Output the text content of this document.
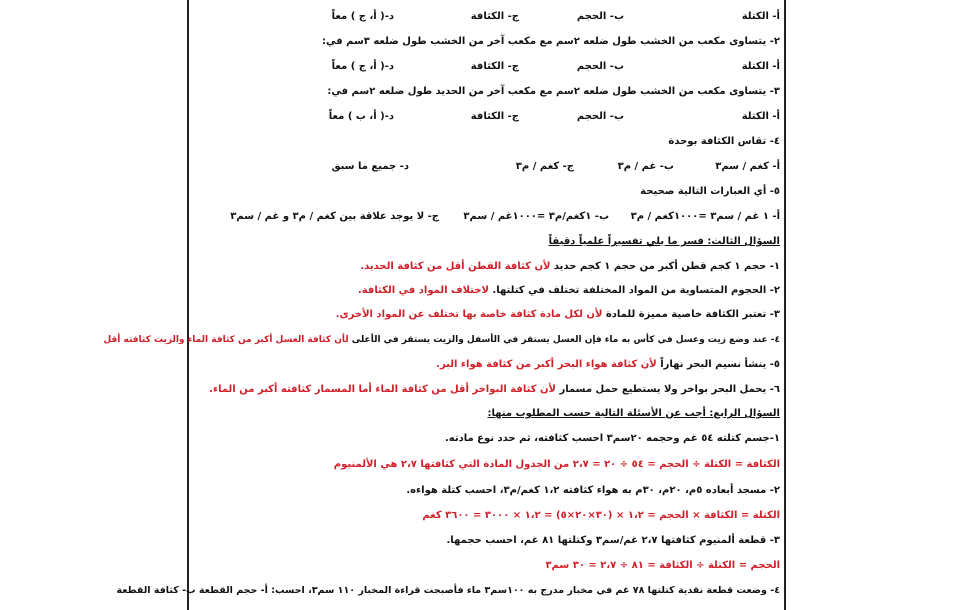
أ- الكتلة
ب- الحجم
ج- الكثافة
د-( أ، ج ) معاً
٢- يتساوى مكعب من الخشب طول ضلعه ٢سم مع مكعب آخر من الخشب طول ضلعه ٣سم في:
أ- الكتلة
ب- الحجم
ج- الكثافة
د-( أ، ج ) معاً
٣- يتساوى مكعب من الخشب طول ضلعه ٢سم مع مكعب آخر من الحديد طول ضلعه ٢سم في:
أ- الكتلة
ب- الحجم
ج- الكثافة
د-( أ، ب ) معاً
٤- تقاس الكثافة بوحدة
أ- كغم / سم٣
ب- غم / م٣
ج- كغم / م٣
د- جميع ما سبق
٥- أي العبارات التالية صحيحة
أ- ١ غم / سم٣ =١٠٠٠كغم / م٣
ب- ١كغم/م٣ =١٠٠٠غم / سم٣
ج- لا يوجد علاقة بين كغم / م٣ و غم / سم٣
السؤال الثالث: فسر ما يلي تفسيراً علمياً دقيقاً
١- حجم ١ كجم قطن أكبر من حجم ١ كجم حديد لأن كثافة القطن أقل من كثافة الحديد.
٢- الحجوم المتساوية من المواد المختلفة تختلف في كتلتها. لاختلاف المواد في الكثافة.
٣- تعتبر الكثافة خاصية مميزة للمادة لأن لكل مادة كثافة خاصة بها تختلف عن المواد الأخرى.
٤- عند وضع زيت وعسل في كأس به ماء فإن العسل يستقر في الأسفل والزيت يستقر في الأعلى لأن كثافة العسل أكبر من كثافة الماء والزيت كثافته أقل
٥- ينشأ نسيم البحر نهاراً لأن كثافة هواء البحر أكبر من كثافة هواء البر.
٦- يحمل البحر بواخر ولا يستطيع حمل مسمار لأن كثافة البواخر أقل من كثافة الماء أما المسمار كثافته أكبر من الماء.
السؤال الرابع: أجب عن الأسئلة التالية حسب المطلوب منها:
١-جسم كتلته ٥٤ غم وحجمه ٢٠سم٣ احسب كثافته، ثم حدد نوع مادته.
الكثافة = الكتلة ÷ الحجم = ٥٤ ÷ ٢٠ = ٢،٧ من الجدول المادة التي كثافتها ٢،٧ هي الألمنيوم
٢- مسجد أبعاده ٥م، ٢٠م، ٣٠م به هواء كثافته ١،٢ كغم/م٣، احسب كتلة هواءه.
الكتلة = الكثافة × الحجم = ١،٢ × (٣٠×٢٠×٥) = ١،٢ × ٣٠٠٠ = ٣٦٠٠ كغم
٣- قطعة ألمنيوم كثافتها ٢،٧ غم/سم٣ وكتلتها ٨١ غم، احسب حجمها.
الحجم = الكتلة ÷ الكثافة = ٨١ ÷ ٢،٧ = ٣٠ سم٣
٤- وضعت قطعة نقدية كتلتها ٧٨ غم في مخبار مدرج به ١٠٠سم٣ ماء فأصبحت قراءة المخبار ١١٠ سم٣، احسب: أ- حجم القطعة ب- كثافة القطعة
